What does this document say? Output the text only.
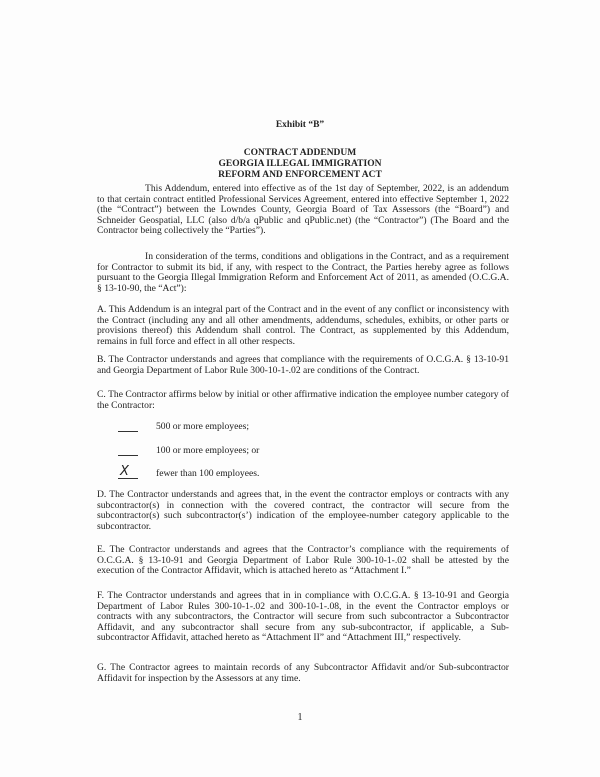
Exhibit “B”
CONTRACT ADDENDUM
GEORGIA ILLEGAL IMMIGRATION
REFORM AND ENFORCEMENT ACT
This Addendum, entered into effective as of the 1st day of September, 2022, is an addendum to that certain contract entitled Professional Services Agreement, entered into effective September 1, 2022 (the “Contract”) between the Lowndes County, Georgia Board of Tax Assessors (the “Board”) and Schneider Geospatial, LLC (also d/b/a qPublic and qPublic.net) (the “Contractor”) (The Board and the Contractor being collectively the “Parties”).
In consideration of the terms, conditions and obligations in the Contract, and as a requirement for Contractor to submit its bid, if any, with respect to the Contract, the Parties hereby agree as follows pursuant to the Georgia Illegal Immigration Reform and Enforcement Act of 2011, as amended (O.C.G.A. § 13-10-90, the “Act”):
A. This Addendum is an integral part of the Contract and in the event of any conflict or inconsistency with the Contract (including any and all other amendments, addendums, schedules, exhibits, or other parts or provisions thereof) this Addendum shall control. The Contract, as supplemented by this Addendum, remains in full force and effect in all other respects.
B. The Contractor understands and agrees that compliance with the requirements of O.C.G.A. § 13-10-91 and Georgia Department of Labor Rule 300-10-1-.02 are conditions of the Contract.
C. The Contractor affirms below by initial or other affirmative indication the employee number category of the Contractor:
500 or more employees;
100 or more employees; or
X	fewer than 100 employees.
D. The Contractor understands and agrees that, in the event the contractor employs or contracts with any subcontractor(s) in connection with the covered contract, the contractor will secure from the subcontractor(s) such subcontractor(s’) indication of the employee-number category applicable to the subcontractor.
E. The Contractor understands and agrees that the Contractor’s compliance with the requirements of O.C.G.A. § 13-10-91 and Georgia Department of Labor Rule 300-10-1-.02 shall be attested by the execution of the Contractor Affidavit, which is attached hereto as “Attachment I.”
F. The Contractor understands and agrees that in in compliance with O.C.G.A. § 13-10-91 and Georgia Department of Labor Rules 300-10-1-.02 and 300-10-1-.08, in the event the Contractor employs or contracts with any subcontractors, the Contractor will secure from such subcontractor a Subcontractor Affidavit, and any subcontractor shall secure from any sub-subcontractor, if applicable, a Sub-subcontractor Affidavit, attached hereto as “Attachment II” and “Attachment III,” respectively.
G. The Contractor agrees to maintain records of any Subcontractor Affidavit and/or Sub-subcontractor Affidavit for inspection by the Assessors at any time.
1
